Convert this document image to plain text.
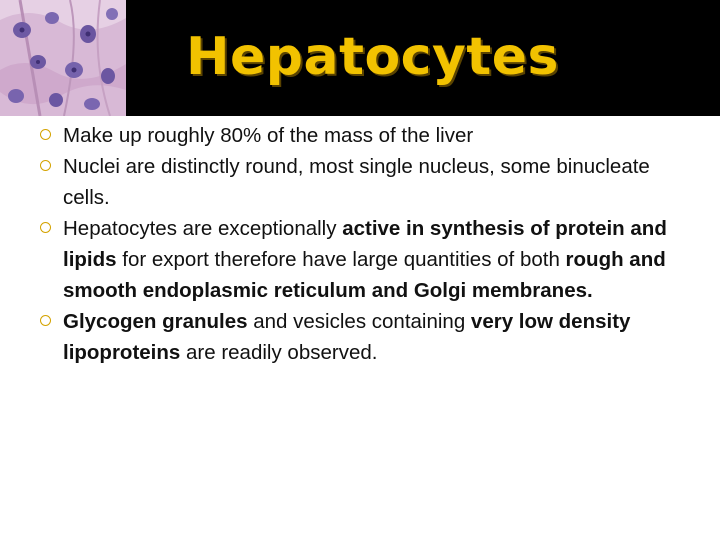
Hepatocytes
Make up roughly 80% of the mass of the liver
Nuclei are distinctly round, most single nucleus, some binucleate cells.
Hepatocytes are exceptionally active in synthesis of protein and lipids for export therefore have large quantities of both rough and smooth endoplasmic reticulum and Golgi membranes.
Glycogen granules and vesicles containing very low density lipoproteins are readily observed.
